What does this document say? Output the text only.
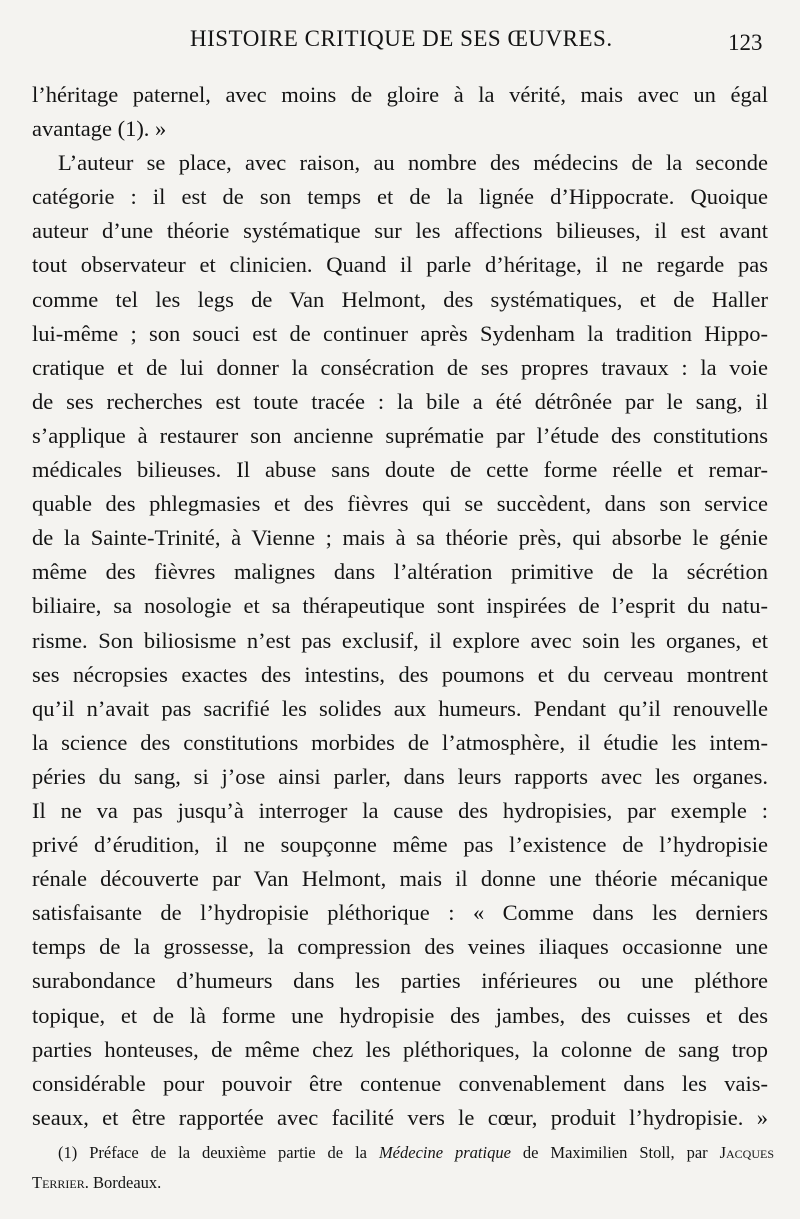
HISTOIRE CRITIQUE DE SES ŒUVRES.	123
l’héritage paternel, avec moins de gloire à la vérité, mais avec un égal
avantage (1). »
L’auteur se place, avec raison, au nombre des médecins de la seconde
catégorie : il est de son temps et de la lignée d’Hippocrate. Quoique
auteur d’une théorie systématique sur les affections bilieuses, il est avant
tout observateur et clinicien. Quand il parle d’héritage, il ne regarde pas
comme tel les legs de Van Helmont, des systématiques, et de Haller
lui-même ; son souci est de continuer après Sydenham la tradition Hippo-
cratique et de lui donner la consécration de ses propres travaux : la voie
de ses recherches est toute tracée : la bile a été détrônée par le sang, il
s’applique à restaurer son ancienne suprématie par l’étude des constitutions
médicales bilieuses. Il abuse sans doute de cette forme réelle et remar-
quable des phlegmasies et des fièvres qui se succèdent, dans son service
de la Sainte-Trinité, à Vienne ; mais à sa théorie près, qui absorbe le génie
même des fièvres malignes dans l’altération primitive de la sécrétion
biliaire, sa nosologie et sa thérapeutique sont inspirées de l’esprit du natu-
risme. Son biliosisme n’est pas exclusif, il explore avec soin les organes, et
ses nécropsies exactes des intestins, des poumons et du cerveau montrent
qu’il n’avait pas sacrifié les solides aux humeurs. Pendant qu’il renouvelle
la science des constitutions morbides de l’atmosphère, il étudie les intem-
péries du sang, si j’ose ainsi parler, dans leurs rapports avec les organes.
Il ne va pas jusqu’à interroger la cause des hydropisies, par exemple :
privé d’érudition, il ne soupçonne même pas l’existence de l’hydropisie
rénale découverte par Van Helmont, mais il donne une théorie mécanique
satisfaisante de l’hydropisie pléthorique : « Comme dans les derniers
temps de la grossesse, la compression des veines iliaques occasionne une
surabondance d’humeurs dans les parties inférieures ou une pléthore
topique, et de là forme une hydropisie des jambes, des cuisses et des
parties honteuses, de même chez les pléthoriques, la colonne de sang trop
considérable pour pouvoir être contenue convenablement dans les vais-
seaux, et être rapportée avec facilité vers le cœur, produit l’hydropisie. »
(1) Préface de la deuxième partie de la Médecine pratique de Maximilien Stoll, par Jacques
Terrier. Bordeaux.
